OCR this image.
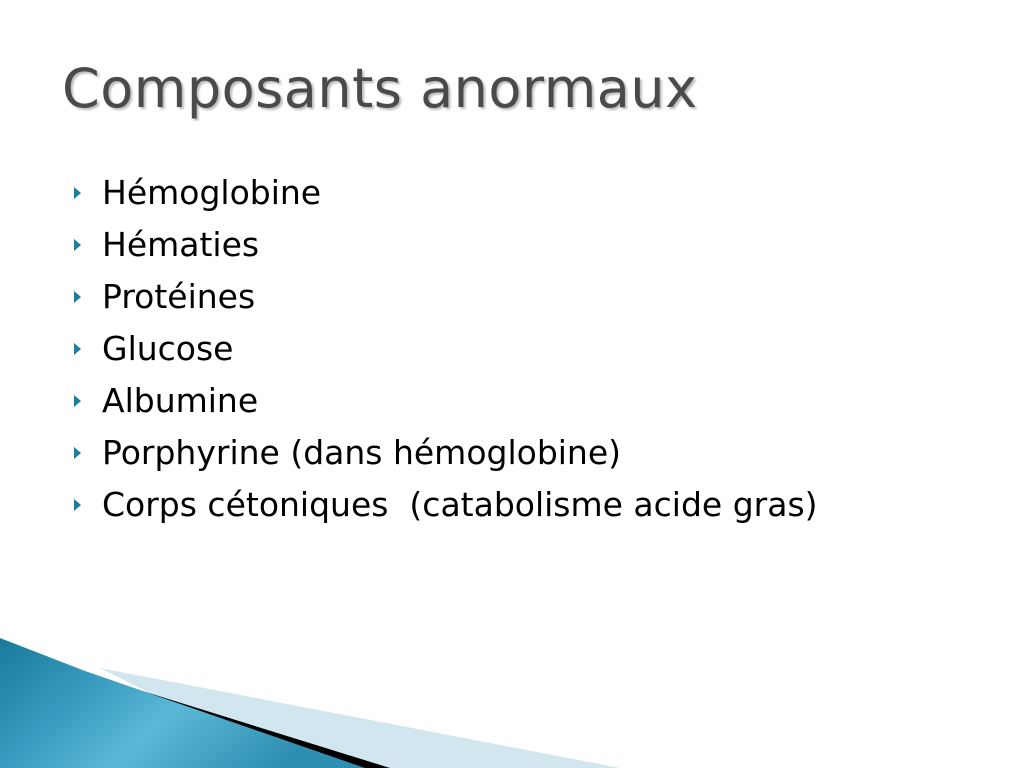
Composants anormaux
Hémoglobine
Hématies
Protéines
Glucose
Albumine
Porphyrine (dans hémoglobine)
Corps cétoniques  (catabolisme acide gras)
